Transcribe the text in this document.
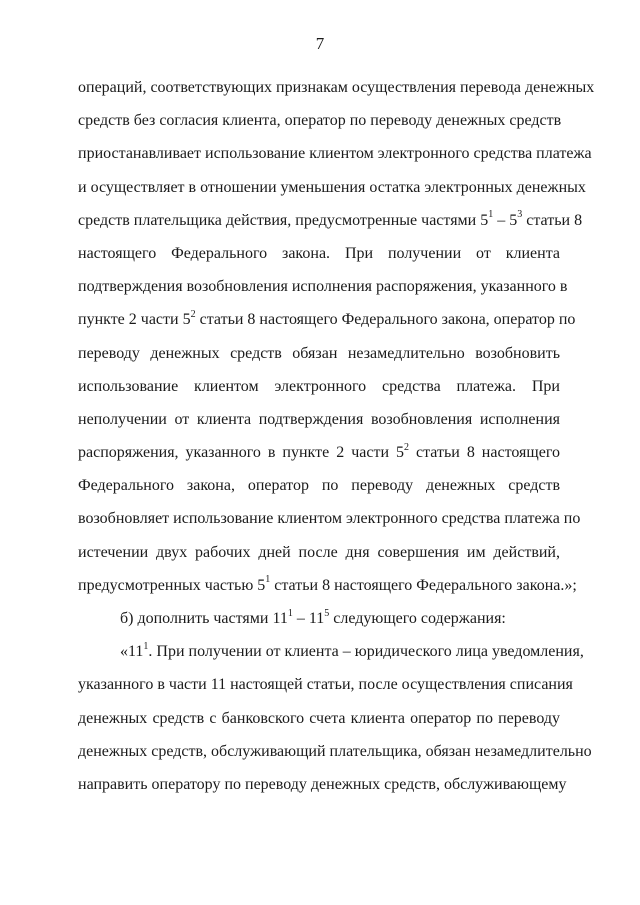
7
операций, соответствующих признакам осуществления перевода денежных
средств без согласия клиента, оператор по переводу денежных средств
приостанавливает использование клиентом электронного средства платежа
и осуществляет в отношении уменьшения остатка электронных денежных
средств плательщика действия, предусмотренные частями $5^1 - 5^3$ статьи 8
настоящего Федерального закона. При получении от клиента
подтверждения возобновления исполнения распоряжения, указанного в
пункте 2 части $5^2$ статьи 8 настоящего Федерального закона, оператор по
переводу денежных средств обязан незамедлительно возобновить
использование клиентом электронного средства платежа. При
неполучении от клиента подтверждения возобновления исполнения
распоряжения, указанного в пункте 2 части $5^2$ статьи 8 настоящего
Федерального закона, оператор по переводу денежных средств
возобновляет использование клиентом электронного средства платежа по
истечении двух рабочих дней после дня совершения им действий,
предусмотренных частью $5^1$ статьи 8 настоящего Федерального закона.»;
б) дополнить частями $11^1 - 11^5$ следующего содержания:
«$11^1$. При получении от клиента – юридического лица уведомления,
указанного в части 11 настоящей статьи, после осуществления списания
денежных средств с банковского счета клиента оператор по переводу
денежных средств, обслуживающий плательщика, обязан незамедлительно
направить оператору по переводу денежных средств, обслуживающему
